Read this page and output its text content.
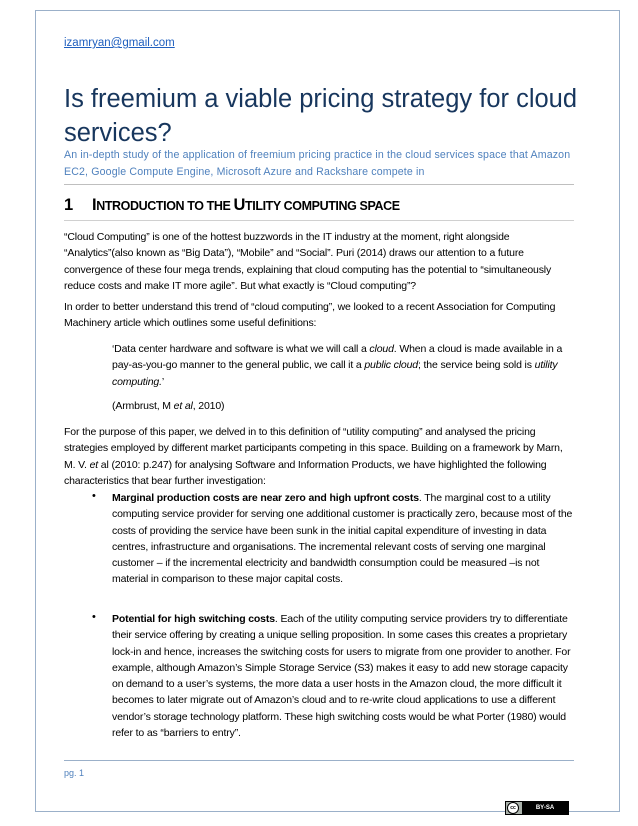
izamryan@gmail.com
Is freemium a viable pricing strategy for cloud services?
An in-depth study of the application of freemium pricing practice in the cloud services space that Amazon EC2, Google Compute Engine, Microsoft Azure and Rackshare compete in
1 INTRODUCTION TO THE UTILITY COMPUTING SPACE

“Cloud Computing” is one of the hottest buzzwords in the IT industry at the moment, right alongside “Analytics”(also known as “Big Data”), “Mobile” and “Social”. Puri (2014) draws our attention to a future convergence of these four mega trends, explaining that cloud computing has the potential to “simultaneously reduce costs and make IT more agile”. But what exactly is “Cloud computing”?

In order to better understand this trend of “cloud computing”, we looked to a recent Association for Computing Machinery article which outlines some useful definitions:

‘Data center hardware and software is what we will call a cloud. When a cloud is made available in a pay-as-you-go manner to the general public, we call it a public cloud; the service being sold is utility computing.’

(Armbrust, M et al, 2010)

For the purpose of this paper, we delved in to this definition of “utility computing” and analysed the pricing strategies employed by different market participants competing in this space. Building on a framework by Marn, M. V. et al (2010: p.247) for analysing Software and Information Products, we have highlighted the following characteristics that bear further investigation:

• Marginal production costs are near zero and high upfront costs. The marginal cost to a utility computing service provider for serving one additional customer is practically zero, because most of the costs of providing the service have been sunk in the initial capital expenditure of investing in data centres, infrastructure and organisations. The incremental relevant costs of serving one marginal customer – if the incremental electricity and bandwidth consumption could be measured –is not material in comparison to these major capital costs.

• Potential for high switching costs. Each of the utility computing service providers try to differentiate their service offering by creating a unique selling proposition. In some cases this creates a proprietary lock-in and hence, increases the switching costs for users to migrate from one provider to another. For example, although Amazon’s Simple Storage Service (S3) makes it easy to add new storage capacity on demand to a user’s systems, the more data a user hosts in the Amazon cloud, the more difficult it becomes to later migrate out of Amazon’s cloud and to re-write cloud applications to use a different vendor’s storage technology platform. These high switching costs would be what Porter (1980) would refer to as “barriers to entry”.

pg. 1
cc	BY-SA
